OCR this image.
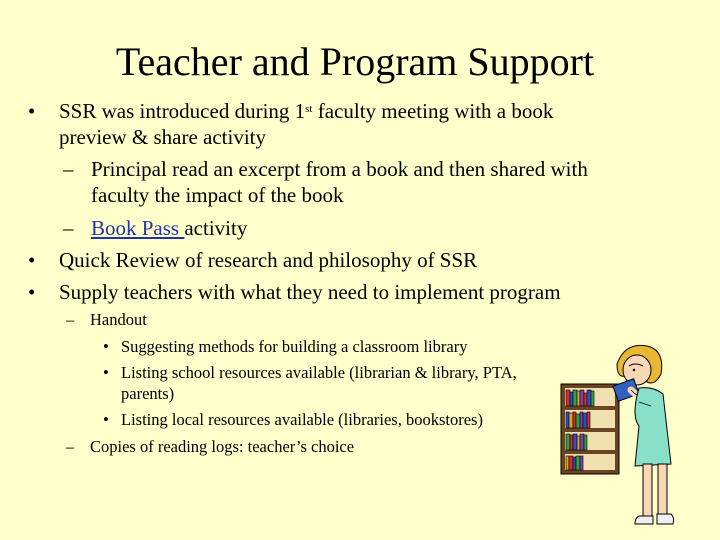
Teacher and Program Support
• SSR was introduced during 1st faculty meeting with a book
preview & share activity
– Principal read an excerpt from a book and then shared with
faculty the impact of the book
– Book Pass activity
• Quick Review of research and philosophy of SSR
• Supply teachers with what they need to implement program
– Handout
• Suggesting methods for building a classroom library
• Listing school resources available (librarian & library, PTA,
parents)
• Listing local resources available (libraries, bookstores)
– Copies of reading logs: teacher’s choice
